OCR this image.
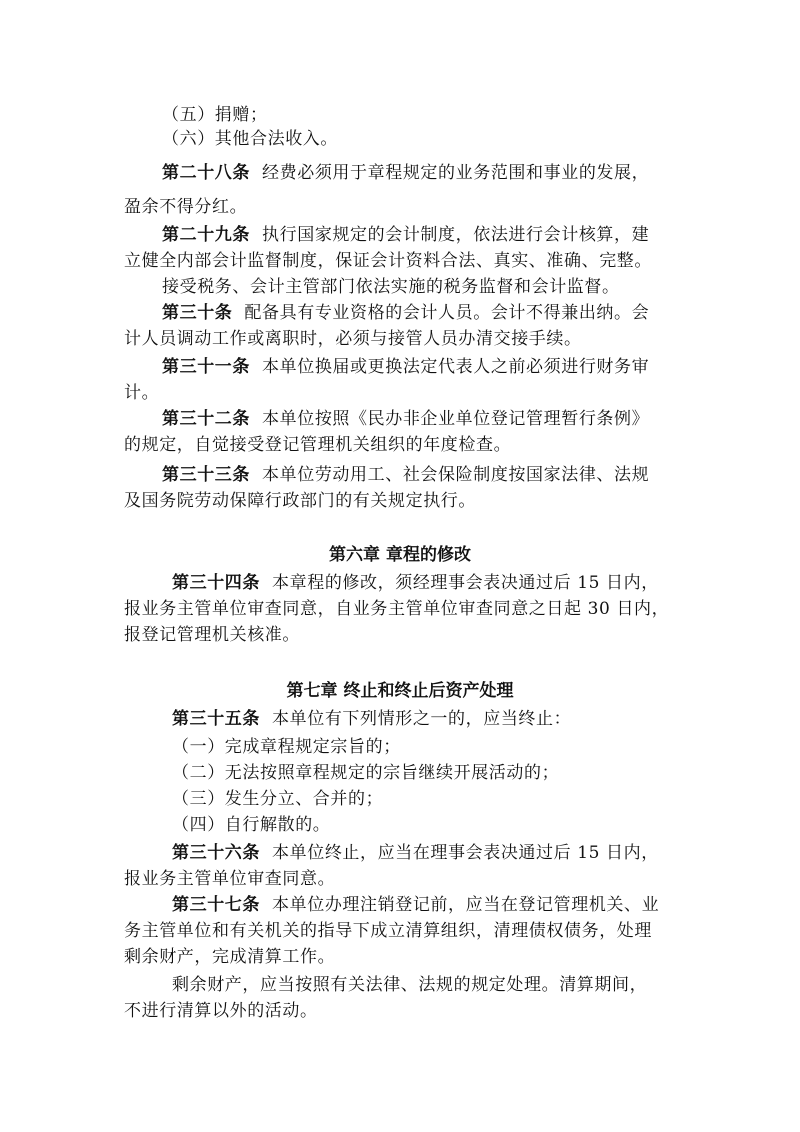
（五）捐赠；
（六）其他合法收入。
第二十八条 经费必须用于章程规定的业务范围和事业的发展，
盈余不得分红。
第二十九条 执行国家规定的会计制度，依法进行会计核算，建
立健全内部会计监督制度，保证会计资料合法、真实、准确、完整。
接受税务、会计主管部门依法实施的税务监督和会计监督。
第三十条 配备具有专业资格的会计人员。会计不得兼出纳。会
计人员调动工作或离职时，必须与接管人员办清交接手续。
第三十一条 本单位换届或更换法定代表人之前必须进行财务审
计。
第三十二条 本单位按照《民办非企业单位登记管理暂行条例》
的规定，自觉接受登记管理机关组织的年度检查。
第三十三条 本单位劳动用工、社会保险制度按国家法律、法规
及国务院劳动保障行政部门的有关规定执行。
第六章 章程的修改
第三十四条 本章程的修改，须经理事会表决通过后 15 日内，
报业务主管单位审查同意，自业务主管单位审查同意之日起 30 日内，
报登记管理机关核准。
第七章 终止和终止后资产处理
第三十五条 本单位有下列情形之一的，应当终止：
（一）完成章程规定宗旨的；
（二）无法按照章程规定的宗旨继续开展活动的；
（三）发生分立、合并的；
（四）自行解散的。
第三十六条 本单位终止，应当在理事会表决通过后 15 日内，
报业务主管单位审查同意。
第三十七条 本单位办理注销登记前，应当在登记管理机关、业
务主管单位和有关机关的指导下成立清算组织，清理债权债务，处理
剩余财产，完成清算工作。
剩余财产，应当按照有关法律、法规的规定处理。清算期间，
不进行清算以外的活动。
